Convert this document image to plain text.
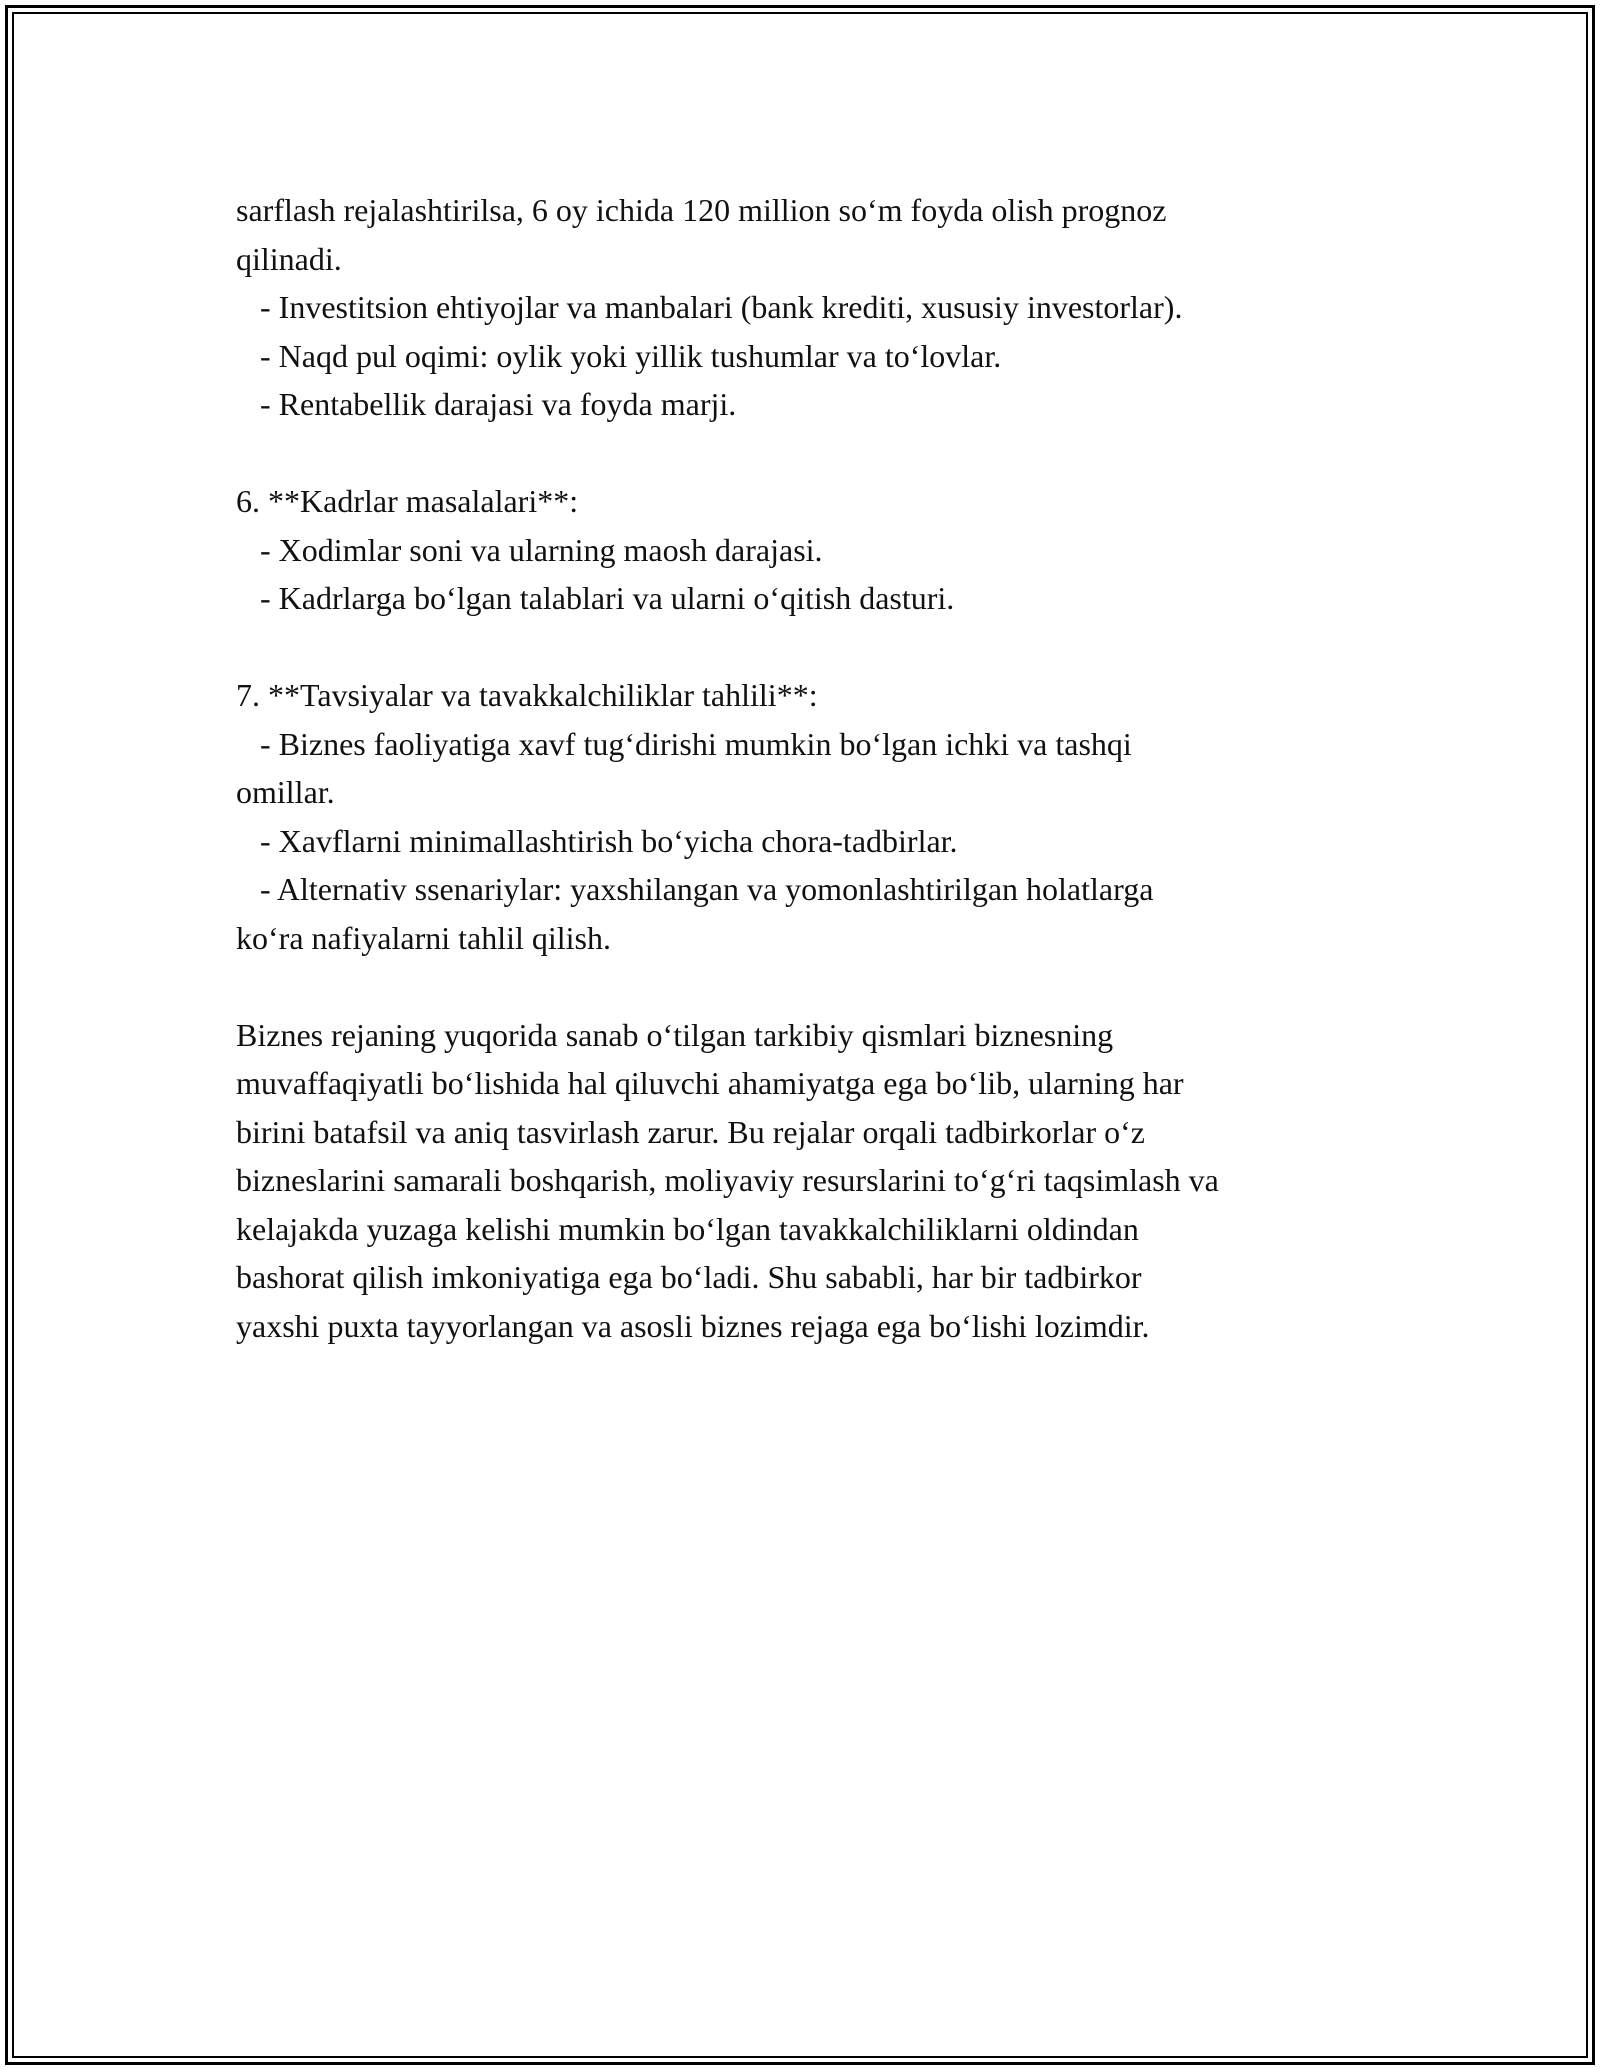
sarflash rejalashtirilsa, 6 oy ichida 120 million so‘m foyda olish prognoz
qilinadi.
- Investitsion ehtiyojlar va manbalari (bank krediti, xususiy investorlar).
- Naqd pul oqimi: oylik yoki yillik tushumlar va to‘lovlar.
- Rentabellik darajasi va foyda marji.
6. **Kadrlar masalalari**:
- Xodimlar soni va ularning maosh darajasi.
- Kadrlarga bo‘lgan talablari va ularni o‘qitish dasturi.
7. **Tavsiyalar va tavakkalchiliklar tahlili**:
- Biznes faoliyatiga xavf tug‘dirishi mumkin bo‘lgan ichki va tashqi
omillar.
- Xavflarni minimallashtirish bo‘yicha chora-tadbirlar.
- Alternativ ssenariylar: yaxshilangan va yomonlashtirilgan holatlarga
ko‘ra nafiyalarni tahlil qilish.
Biznes rejaning yuqorida sanab o‘tilgan tarkibiy qismlari biznesning
muvaffaqiyatli bo‘lishida hal qiluvchi ahamiyatga ega bo‘lib, ularning har
birini batafsil va aniq tasvirlash zarur. Bu rejalar orqali tadbirkorlar o‘z
bizneslarini samarali boshqarish, moliyaviy resurslarini to‘g‘ri taqsimlash va
kelajakda yuzaga kelishi mumkin bo‘lgan tavakkalchiliklarni oldindan
bashorat qilish imkoniyatiga ega bo‘ladi. Shu sababli, har bir tadbirkor
yaxshi puxta tayyorlangan va asosli biznes rejaga ega bo‘lishi lozimdir.
